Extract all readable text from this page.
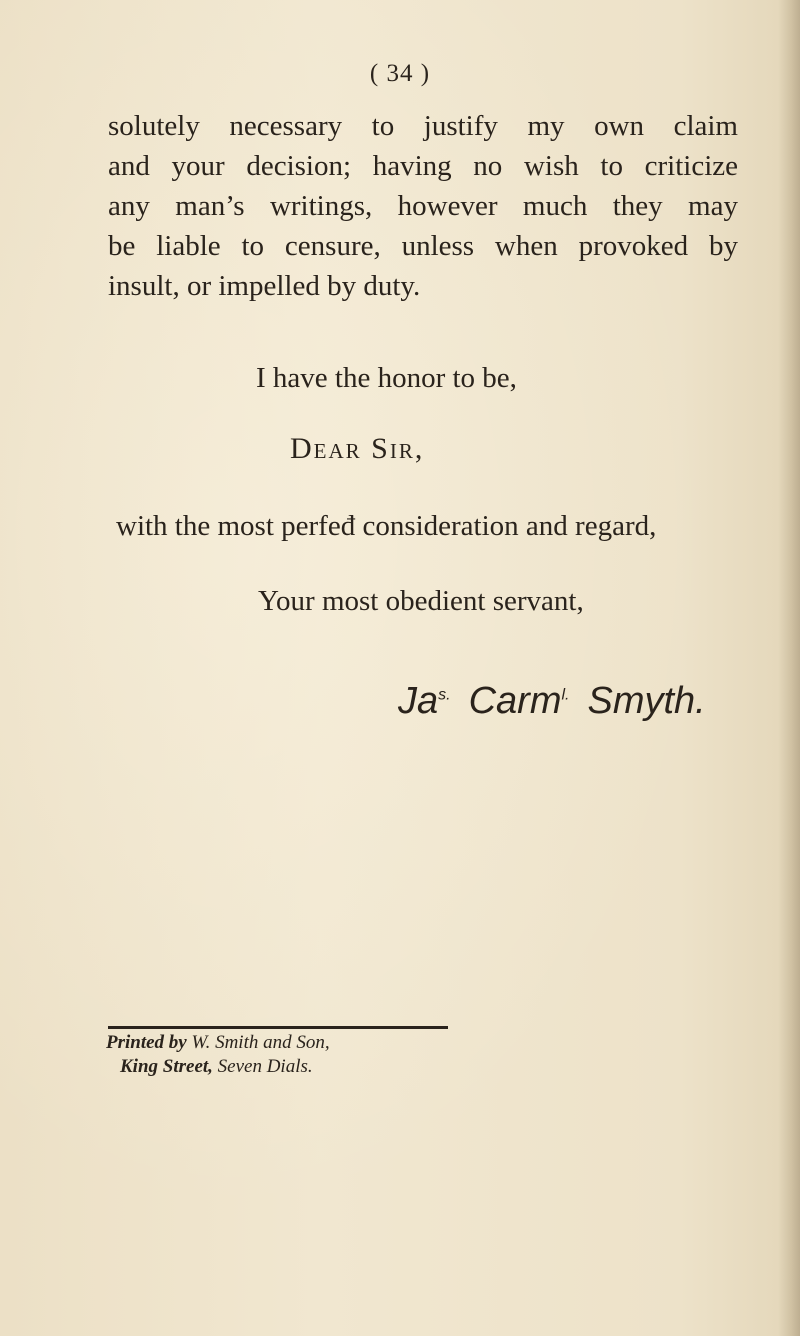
( 34 )
solutely necessary to justify my own claim
and your decision; having no wish to criticize
any man’s writings, however much they may
be liable to censure, unless when provoked by
insult, or impelled by duty.
I have the honor to be,
Dear Sir,
with the most perfeđ consideration and regard,
Your most obedient servant,
$Ja^{s.}$ Carm$^{l.}$ Smyth.
Printed by W. Smith and Son,
King Street, Seven Dials.
